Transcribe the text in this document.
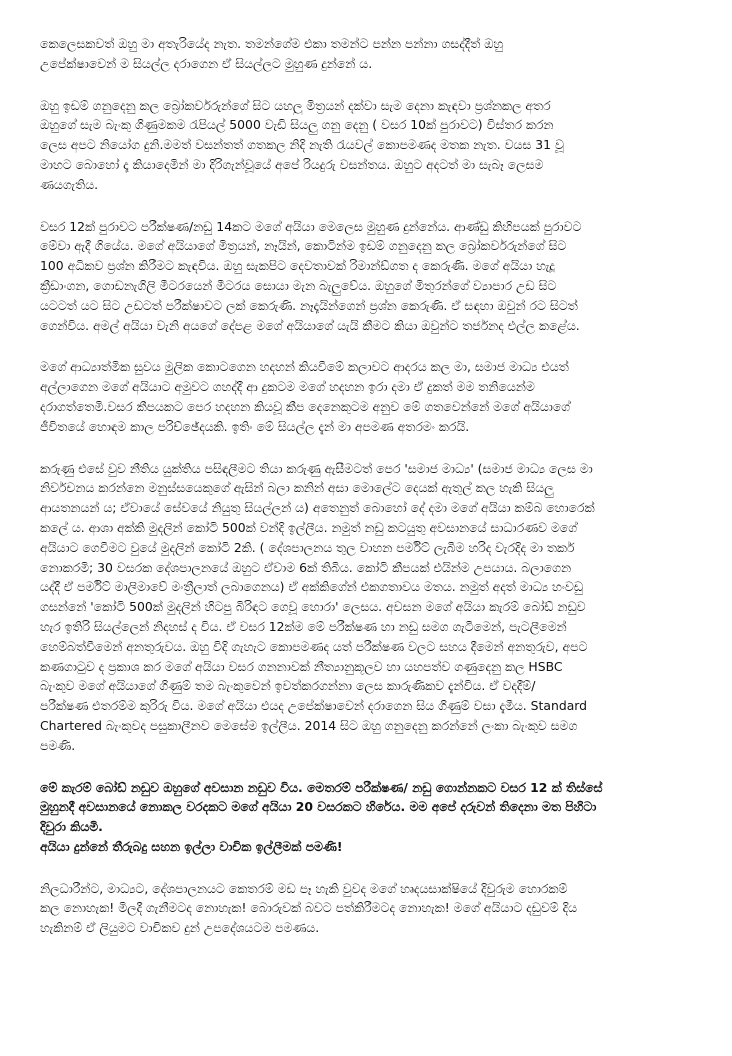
කෙලෙසකවත් ඔහු මා අතැරියේද නැත. තමන්ගේම එකා තමන්ට පන්න පන්නා ගසද්දීත් ඔහු
උපේක්ෂාවෙන් ම සියල්ල දරාගෙන ඒ සියල්ලට මුහුණ දුන්නේ ය.

ඔහු ඉඩම් ගනුදෙනු කල බ්‍රෝකර්වරුන්ගේ සිට යහලු මිත්‍රයන් දක්වා සැම දෙනා කැඳවා ප්‍රශ්නකල අතර
ඔහුගේ සැම බැංකු ගිණුමකම රැපියල් 5000 වැඩි සියලු ගනු දෙනු ( වසර 10ක් පුරාවට) විස්තර කරන
ලෙස අපට නියෝග දුනි.මමත් වසන්තත් ගතකල නිදි නැති රැයවල් කොපමණද මතක නැත. වයස 31 වූ
මාහට බොහෝ දෑ කියාදෙමින් මා දිරිගැන්වූයේ අපේ රියදුරු වසන්තය. ඔහුට අදටත් මා සැබෑ ලෙසම
ණයගැතිය.

වසර 12ක් පුරාවට පරීක්ෂණ/නඩු 14කට මගේ අයියා මෙලෙස මුහුණ දුන්නේය. ආණ්ඩු කිහිපයක් පුරාවට
මේවා ඇදී ගියේය. මගේ අයියාගේ මිත්‍රයන්, නෑයින්, කොටින්ම ඉඩම් ගනුදෙනු කල බ්‍රෝකර්වරුන්ගේ සිට
100 අධිකව ප්‍රශ්න කිරීමට කැඳවිය. ඔහු සැකපිට දෙවතාවක් රිමාන්ඩ්ගත ද කෙරුණි. මගේ අයියා හැදූ
ක්‍රීඩාංගන, ගොඩනැගිලි මීටරයෙන් මීටරය සොයා මැන බැලුවේය. ඔහුගේ මිතුරන්ගේ ව්‍යාපාර උඩ සිට
යටටත් යට සිට උඩටත් පරීක්ෂාවට ලක් කෙරුණි. නෑදෑයින්ගෙන් ප්‍රශ්න කෙරුණි. ඒ සඳහා ඔවුන් රට සිටත්
ගෙන්විය. අමල් අයියා වැනි අයගේ දේපළ මගේ අයියාගේ යැයි කීමට කියා ඔවුන්ට තර්ජනද එල්ල කළේය.

මගේ ආධ්‍යාත්මික සුවය මුලික කොටගෙන හදහන් කියවීමේ කලාවට ආදරය කල මා, සමාජ මාධ්‍ය එයත්
අල්ලාගෙන මගේ අයියාට අමුවට ගහද්දී ආ දුකටම මගේ හදහන ඉරා දමා ඒ දුකත් මම තනියෙන්ම
දරාගත්තෙමි.වසර කීපයකට පෙර හදහන කියවූ කීප දෙනෙකුටම අනුව මේ ගතවෙන්නේ මගේ අයියාගේ
ජීවිතයේ හොඳම කාල පරිච්ඡේදයකි. ඉතිං මේ සියල්ල දැන් මා අපමණ අතරමං කරයි.

කරුණු එසේ වුව නීතිය යුක්තිය පසිඳලීමට තියා කරුණු ඇසීමටත් පෙර 'සමාජ මාධ්‍ය' (සමාජ මාධ්‍ය ලෙස මා
නිර්වචනය කරන්නෙ මනුස්සයෙකුගේ ඇසින් බලා කනින් අසා මොලේට දෙයක් ඇතුල් කල හැකි සියලු
ආයතනයන් ය; ඒවායේ සේවයේ නියුතු සියල්ලන් ය) අතෙනුත් බොහෝ දේ දමා මගේ අයියා කම්බ හොරෙක්
කලේ ය. ආශා අක්කි මුදලින් කෝටි 500ක් වන්දි ඉල්ලීය. නමුත් නඩු කටයුතු අවසානයේ සාධාරණව මගේ
අයියාට ගෙවීමට වුයේ මුදලින් කෝටි 2කි. ( දේශපාලනය තුල වාහන පර්මිට් ලැබීම හරිද වැරදිද මා තර්ක
නොකරමි; 30 වසරක දේශපාලනයේ ඔහුට ඒවාම 6ක් තිබිය. කෝටි කීපයක් එයින්ම උපයාය. බලාගෙන
යද්දී ඒ පර්මිට් මාලිමාවේ මංත්‍රීලාත් ලබාගෙනය) ඒ අක්කිගේන් එකගතාවය මතය. නමුත් අදත් මාධ්‍ය හංවඩු
ගසන්නේ 'කෝටි 500ක් මුදලින් හිටපු බිරිඳට ගෙවූ හොරා' ලෙසය. අවසන මගේ අයියා කැරම් බෝඩ් නඩුව
හැර ඉතිරි සියල්ලෙන් නිදහස් ද විය. ඒ වසර 12ක්ම මේ පරීක්ෂණ හා නඩු සමග ගැටීමෙන්, පැටලීමෙන්
හෙම්බත්වීමෙන් අනතුරුවය. ඔහු විදි ගැහැට කොපමණද යත් පරීක්ෂණ වලට සහය දීමෙන් අනතුරුව, අපට
කණගාටුව ද ප්‍රකාශ කර මගේ අයියා වසර ගනනාවක් නීත්‍යානුකූලව හා යහපත්ව ගණුදෙනු කල HSBC
බැංකුව මගේ අයියාගේ ගිණුම් තම බැංකුවෙන් ඉවත්කරගන්නා ලෙස කාරුණිකව දැන්විය. ඒ වදදීම්/
පරීක්ෂණ එතරම්ම කුරිරු විය. මගේ අයියා එයද උපේක්ෂාවෙන් දරාගෙන සිය ගිණුම් වසා දැමීය. Standard
Chartered බැංකුවද පසුකාලීනව මෙසේම ඉල්ලීය. 2014 සිට ඔහු ගනුදෙනු කරන්නේ ලංකා බැංකුව සමග
පමණි.

මේ කැරම් බෝඩ් නඩුව ඔහුගේ අවසාන නඩුව විය. මෙතරම් පරීක්ෂණ/ නඩු ගොන්නකට වසර 12 ක් තිස්සේ
මුහුනදී අවසානයේ නොකල වරදකට මගේ අයියා 20 වසරකට හිරේය. මම අපේ දරුවන් තිදෙනා මත පිහිටා
දිවුරා කියමි.
අයියා දුන්නේ තීරුබදු සහන ඉල්ලා වාචික ඉල්ලීමක් පමණි!

නිලධාරීන්ට, මාධ්‍යට, දේශපාලනයට කෙතරම් මඩ පෑ හැකි වුවද මගේ හෘදයසාක්ෂියේ දිවුරුම හොරකම්
කල නොහැක! මිලදී ගැනීමටද නොහැක! බොරුවක් බවට පත්කිරීමටද නොහැක! මගේ අයියාට දඩුවම් දිය
හැකිනම් ඒ ලියුමට වාචිකව දුන් උපදේශයටම පමණය.
